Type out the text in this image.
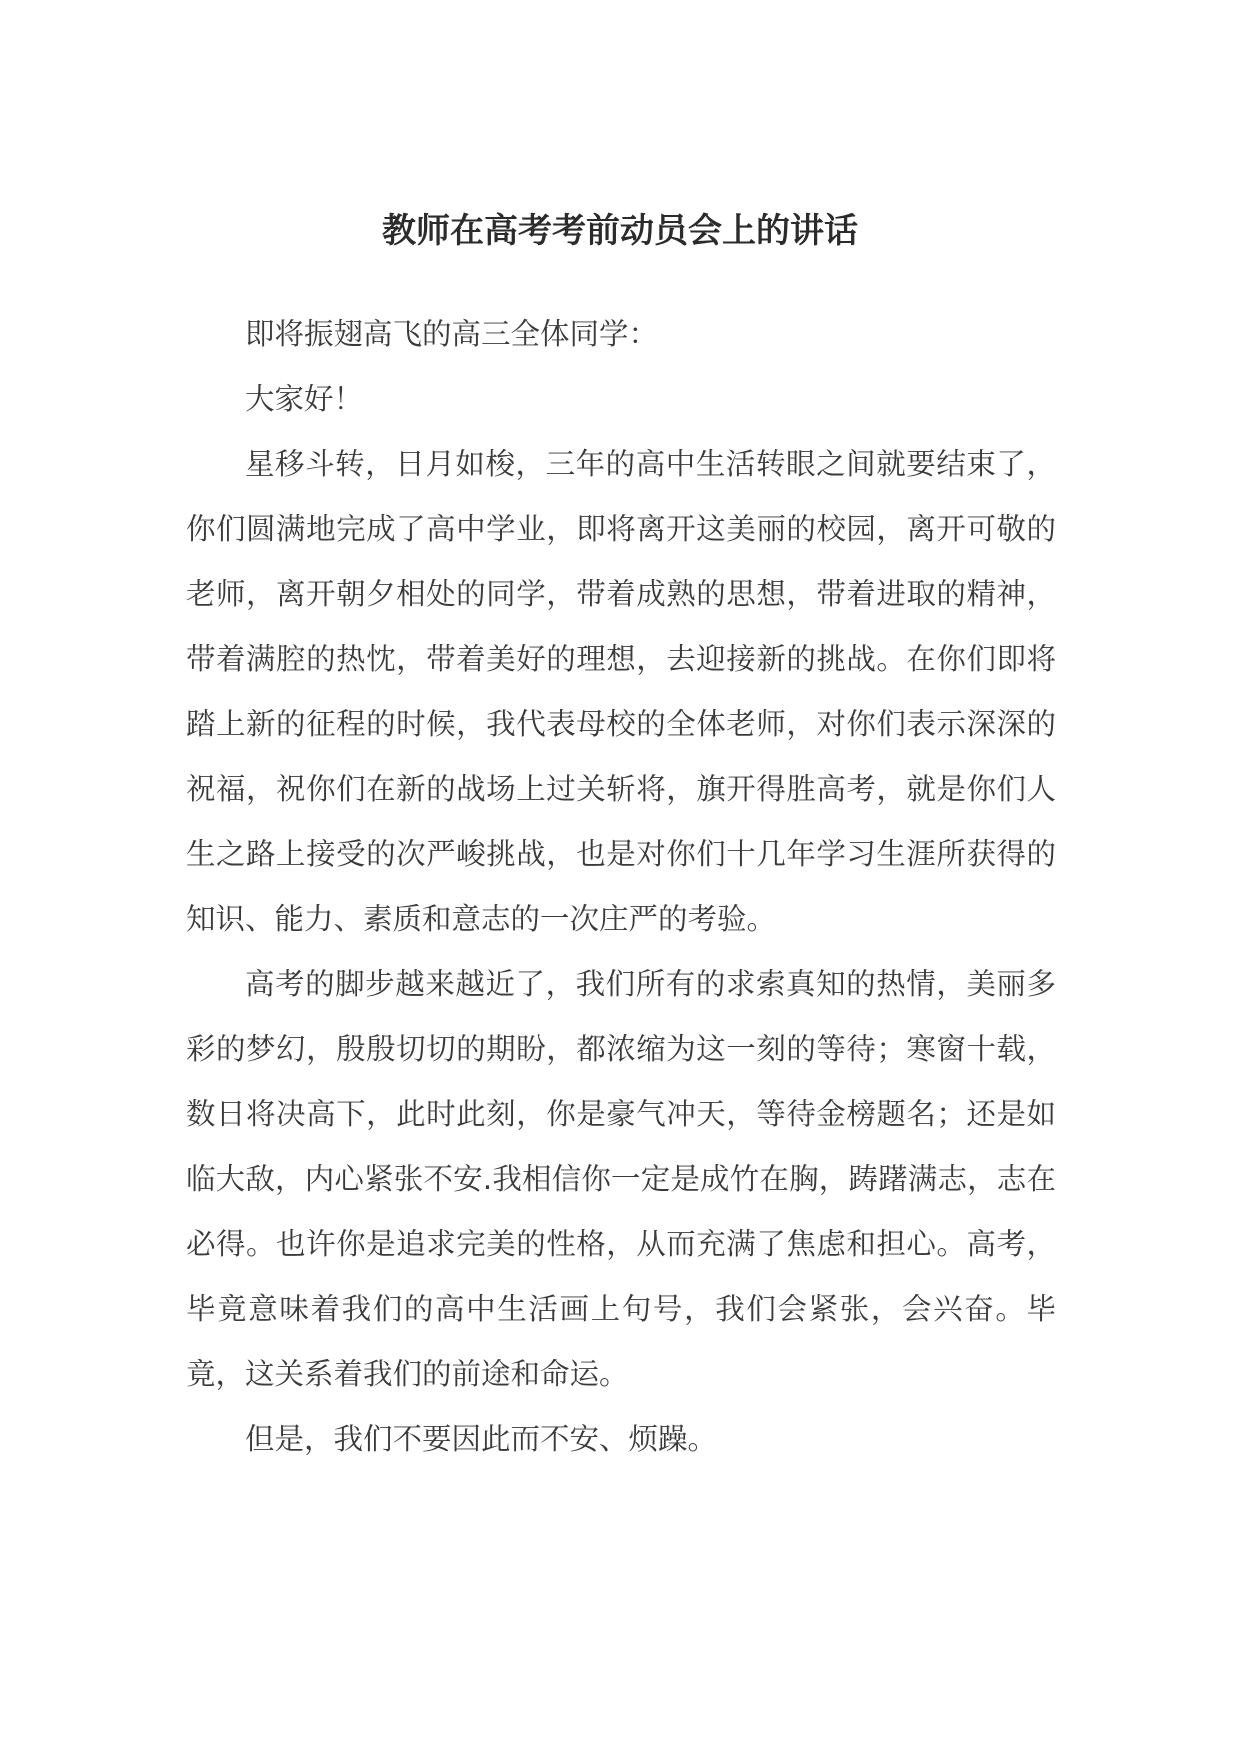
教师在高考考前动员会上的讲话

即将振翅高飞的高三全体同学：

大家好！

星移斗转，日月如梭，三年的高中生活转眼之间就要结束了，你们圆满地完成了高中学业，即将离开这美丽的校园，离开可敬的老师，离开朝夕相处的同学，带着成熟的思想，带着进取的精神，带着满腔的热忱，带着美好的理想，去迎接新的挑战。在你们即将踏上新的征程的时候，我代表母校的全体老师，对你们表示深深的祝福，祝你们在新的战场上过关斩将，旗开得胜高考，就是你们人生之路上接受的次严峻挑战，也是对你们十几年学习生涯所获得的知识、能力、素质和意志的一次庄严的考验。

高考的脚步越来越近了，我们所有的求索真知的热情，美丽多彩的梦幻，殷殷切切的期盼，都浓缩为这一刻的等待；寒窗十载，数日将决高下，此时此刻，你是豪气冲天，等待金榜题名；还是如临大敌，内心紧张不安.我相信你一定是成竹在胸，踌躇满志，志在必得。也许你是追求完美的性格，从而充满了焦虑和担心。高考，毕竟意味着我们的高中生活画上句号，我们会紧张，会兴奋。毕竟，这关系着我们的前途和命运。

但是，我们不要因此而不安、烦躁。
